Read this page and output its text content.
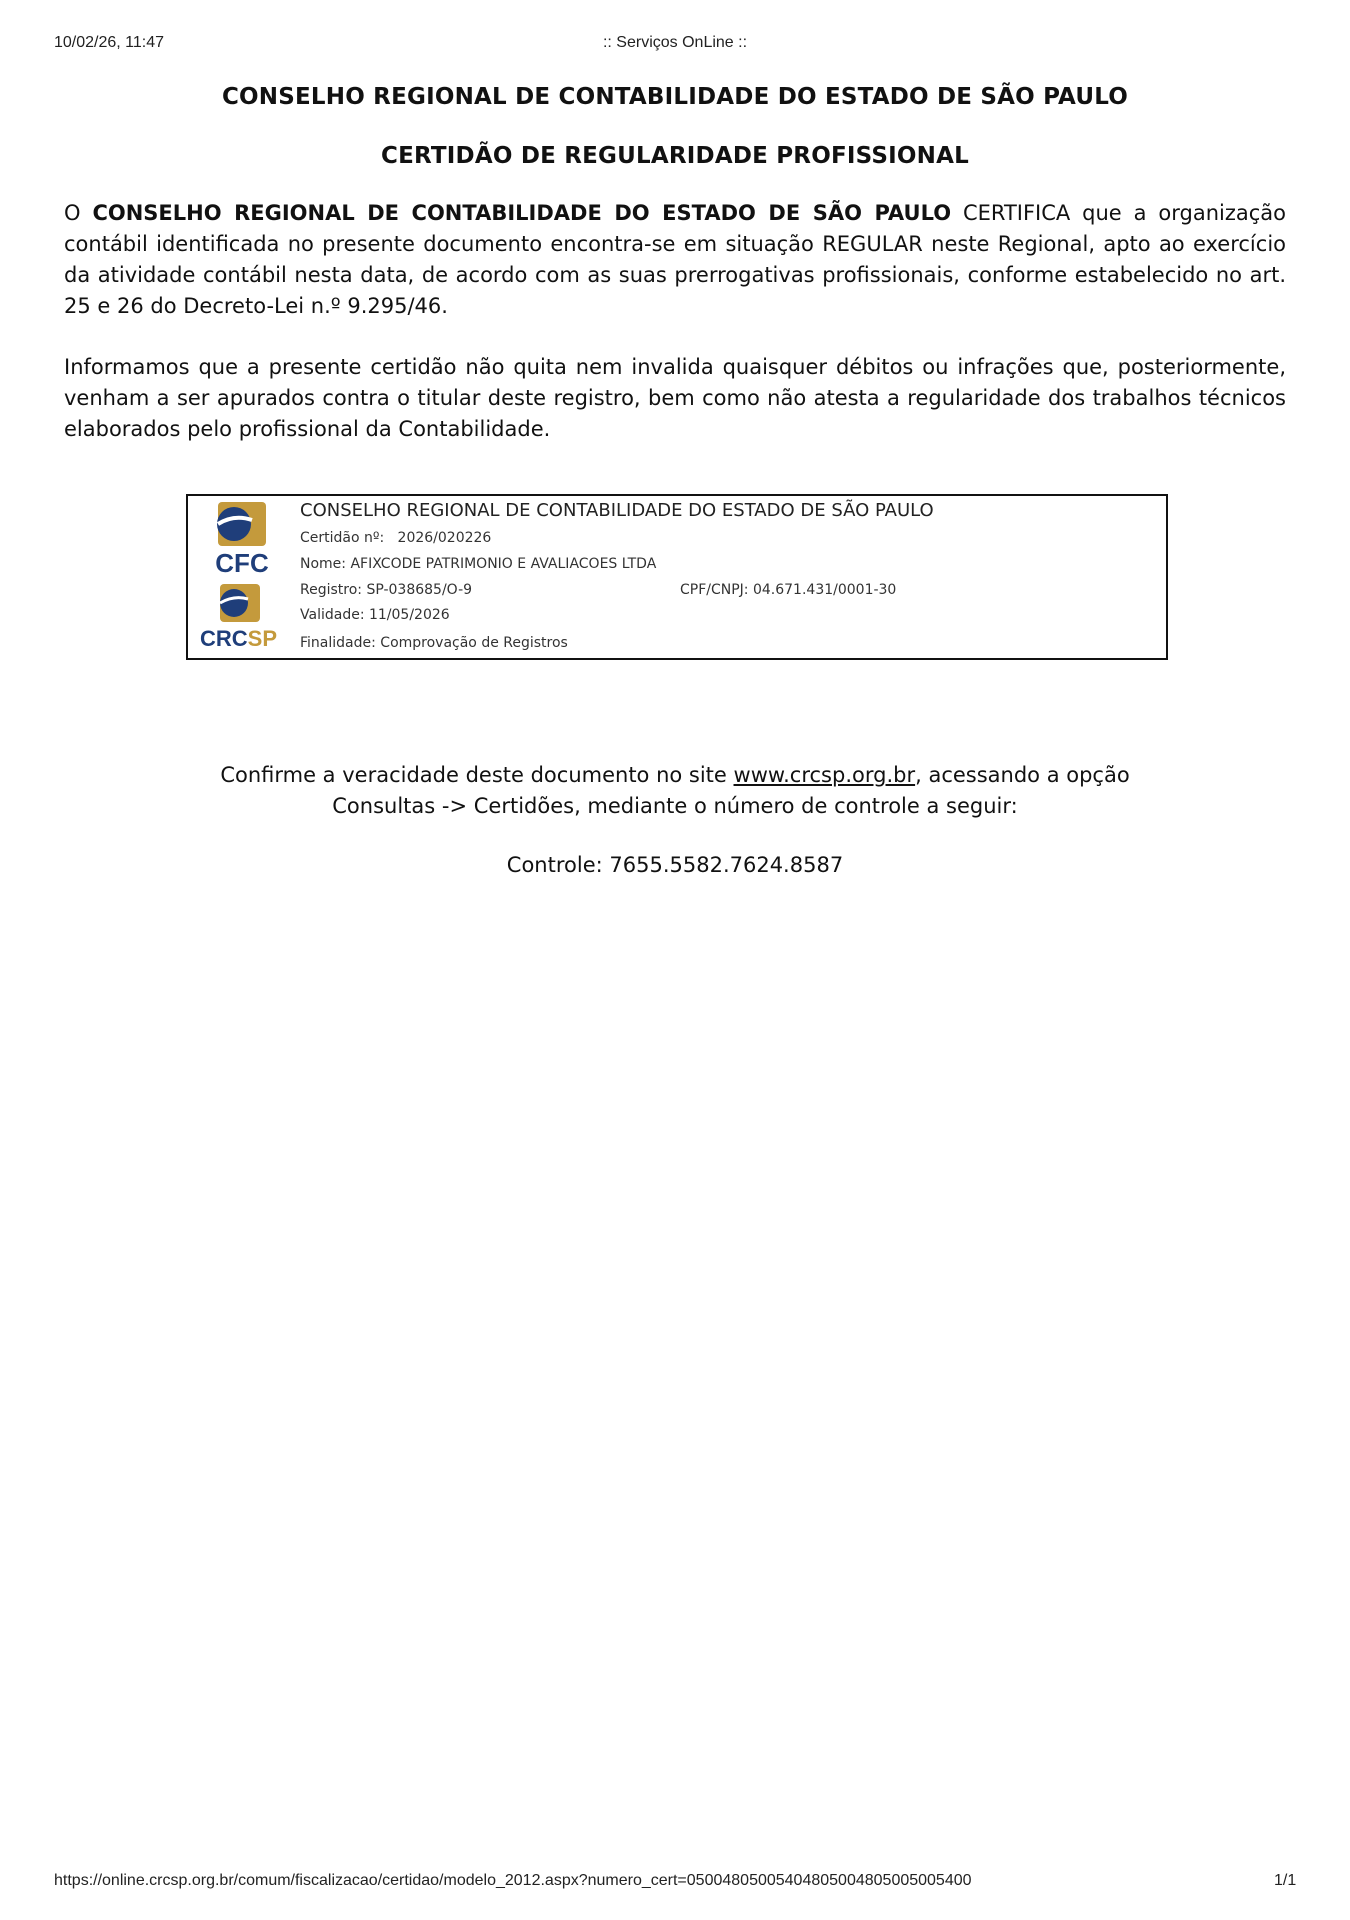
10/02/26, 11:47	:: Serviços OnLine ::
CONSELHO REGIONAL DE CONTABILIDADE DO ESTADO DE SÃO PAULO
CERTIDÃO DE REGULARIDADE PROFISSIONAL
O CONSELHO REGIONAL DE CONTABILIDADE DO ESTADO DE SÃO PAULO CERTIFICA que a organização contábil identificada no presente documento encontra-se em situação REGULAR neste Regional, apto ao exercício da atividade contábil nesta data, de acordo com as suas prerrogativas profissionais, conforme estabelecido no art. 25 e 26 do Decreto-Lei n.º 9.295/46.
Informamos que a presente certidão não quita nem invalida quaisquer débitos ou infrações que, posteriormente, venham a ser apurados contra o titular deste registro, bem como não atesta a regularidade dos trabalhos técnicos elaborados pelo profissional da Contabilidade.
CFC
CRCSP
CONSELHO REGIONAL DE CONTABILIDADE DO ESTADO DE SÃO PAULO
Certidão nº:   2026/020226
Nome: AFIXCODE PATRIMONIO E AVALIACOES LTDA
Registro: SP-038685/O-9	CPF/CNPJ: 04.671.431/0001-30
Validade: 11/05/2026
Finalidade: Comprovação de Registros
Confirme a veracidade deste documento no site www.crcsp.org.br, acessando a opção
Consultas -> Certidões, mediante o número de controle a seguir:
Controle: 7655.5582.7624.8587
https://online.crcsp.org.br/comum/fiscalizacao/certidao/modelo_2012.aspx?numero_cert=05004805005404805004805005005400	1/1
